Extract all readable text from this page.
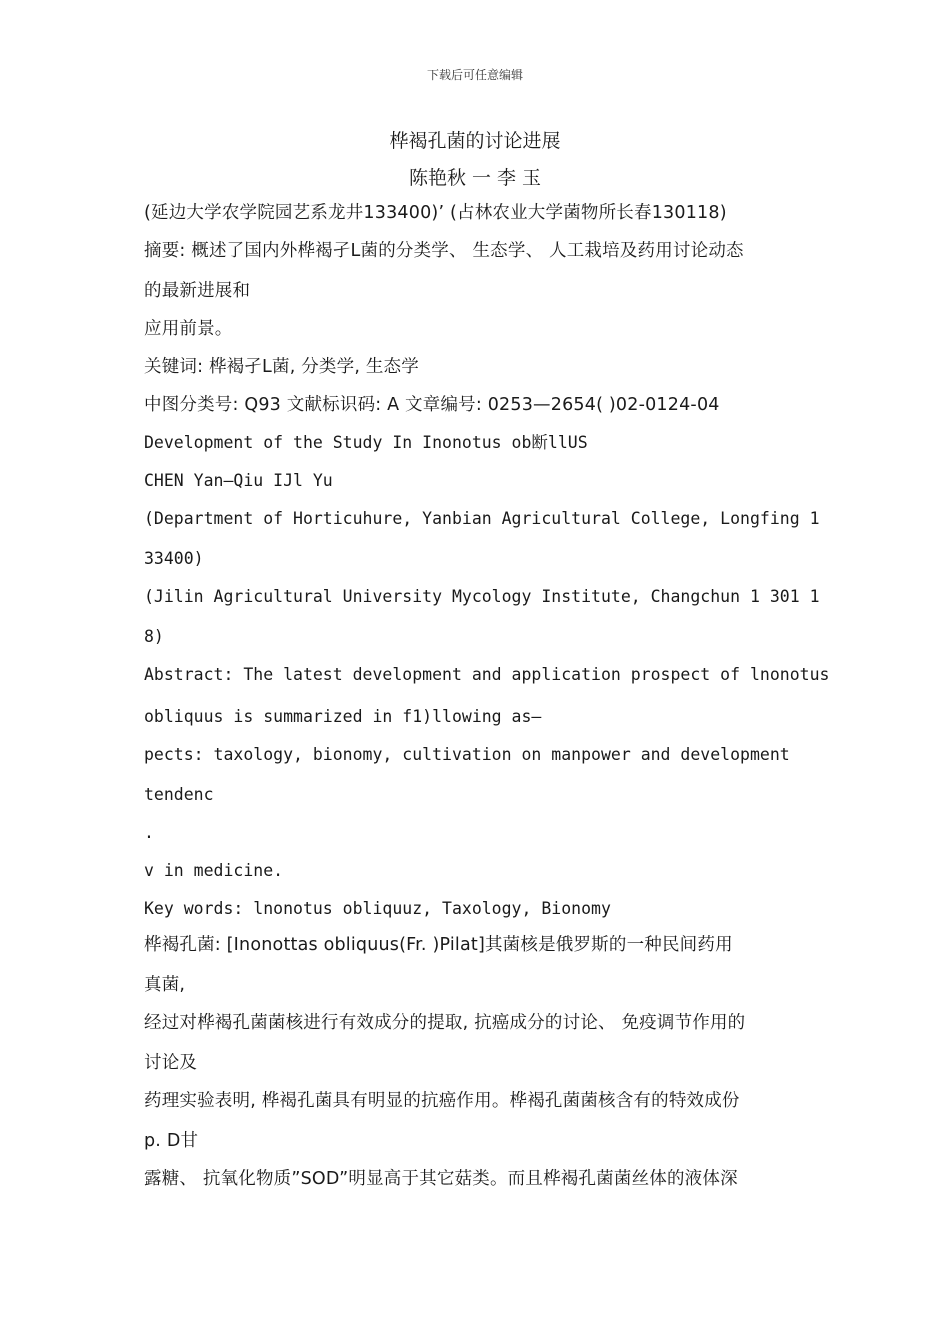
下载后可任意编辑
桦褐孔菌的讨论进展
陈艳秋 一 李 玉
(延边大学农学院园艺系龙井133400)’ (占林农业大学菌物所长春130118)
摘要: 概述了国内外桦褐孑L菌的分类学、 生态学、 人工栽培及药用讨论动态
的最新进展和
应用前景。
关键词: 桦褐孑L菌, 分类学, 生态学
中图分类号: Q93 文献标识码: A 文章编号: 0253—2654( )02-0124-04
Development of the Study In Inonotus ob断llUS
CHEN Yan—Qiu IJl Yu
(Department of Horticuhure, Yanbian Agricultural College, Longfing 1
33400)
(Jilin Agricultural University Mycology Institute, Changchun 1 301 1
8)
Abstract: The latest development and application prospect of lnonotus
obliquus is summarized in f1)llowing as—
pects: taxology, bionomy, cultivation on manpower and development
tendenc
.
v in medicine.
Key words: lnonotus obliquuz, Taxology, Bionomy
桦褐孔菌: [Inonottas obliquus(Fr. )Pilat]其菌核是俄罗斯的一种民间药用
真菌,
经过对桦褐孔菌菌核进行有效成分的提取, 抗癌成分的讨论、 免疫调节作用的
讨论及
药理实验表明, 桦褐孔菌具有明显的抗癌作用。桦褐孔菌菌核含有的特效成份
p. D甘
露糖、 抗氧化物质”SOD”明显高于其它菇类。而且桦褐孔菌菌丝体的液体深
